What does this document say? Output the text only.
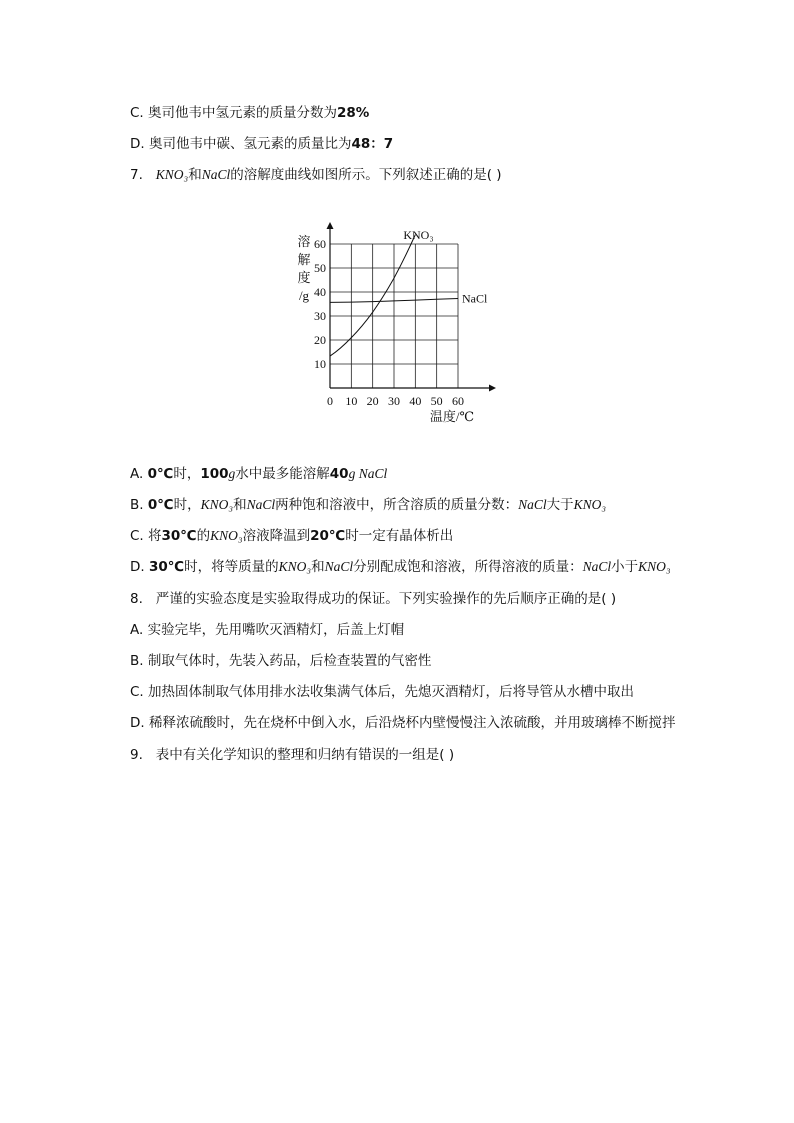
C. 奥司他韦中氢元素的质量分数为28%
D. 奥司他韦中碳、氢元素的质量比为48：7
7. KNO₃和NaCl的溶解度曲线如图所示。下列叙述正确的是( )
10
20
30
40
50
60
0 10 20 30 40 50 60
溶
解
度
/g
温度/℃
KNO₃
NaCl
A. 0℃时，100g水中最多能溶解40g NaCl
B. 0℃时，KNO₃和NaCl两种饱和溶液中，所含溶质的质量分数：NaCl大于KNO₃
C. 将30℃的KNO₃溶液降温到20℃时一定有晶体析出
D. 30℃时，将等质量的KNO₃和NaCl分别配成饱和溶液，所得溶液的质量：NaCl小于KNO₃
8. 严谨的实验态度是实验取得成功的保证。下列实验操作的先后顺序正确的是( )
A. 实验完毕，先用嘴吹灭酒精灯，后盖上灯帽
B. 制取气体时，先装入药品，后检查装置的气密性
C. 加热固体制取气体用排水法收集满气体后，先熄灭酒精灯，后将导管从水槽中取出
D. 稀释浓硫酸时，先在烧杯中倒入水，后沿烧杯内壁慢慢注入浓硫酸，并用玻璃棒不断搅拌
9. 表中有关化学知识的整理和归纳有错误的一组是( )
